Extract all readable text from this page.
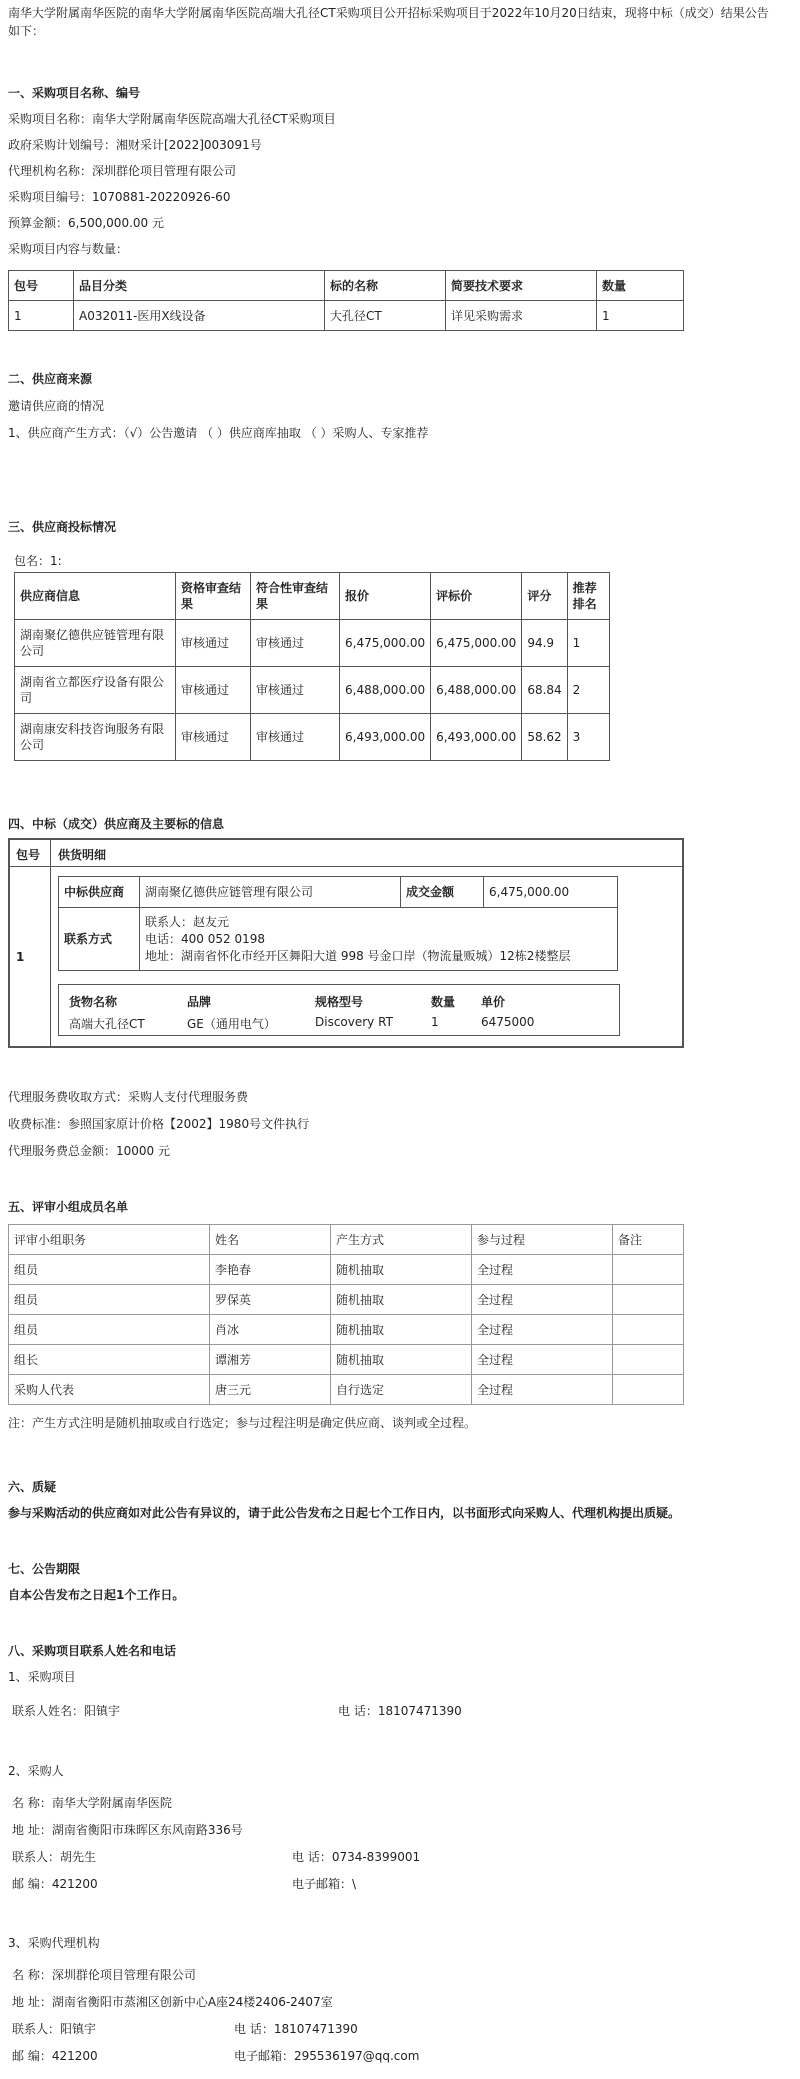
南华大学附属南华医院的南华大学附属南华医院高端大孔径CT采购项目公开招标采购项目于2022年10月20日结束，现将中标（成交）结果公告如下：
一、采购项目名称、编号
采购项目名称：南华大学附属南华医院高端大孔径CT采购项目
政府采购计划编号：湘财采计[2022]003091号
代理机构名称：深圳群伦项目管理有限公司
采购项目编号：1070881-20220926-60
预算金额：6,500,000.00 元
采购项目内容与数量：
包号	品目分类	标的名称	简要技术要求	数量
1	A032011-医用X线设备	大孔径CT	详见采购需求	1
二、供应商来源
邀请供应商的情况
1、供应商产生方式：（√）公告邀请 （ ）供应商库抽取 （ ）采购人、专家推荐
三、供应商投标情况
包名：1:
供应商信息	资格审查结果	符合性审查结果	报价	评标价	评分	推荐排名
湖南聚亿德供应链管理有限公司	审核通过	审核通过	6,475,000.00	6,475,000.00	94.9	1
湖南省立都医疗设备有限公司	审核通过	审核通过	6,488,000.00	6,488,000.00	68.84	2
湖南康安科技咨询服务有限公司	审核通过	审核通过	6,493,000.00	6,493,000.00	58.62	3
四、中标（成交）供应商及主要标的信息
包号 供货明细
1
中标供应商	湖南聚亿德供应链管理有限公司	成交金额	6,475,000.00
联系方式	联系人：赵友元
电话：400 052 0198
地址：湖南省怀化市经开区舞阳大道 998 号金口岸（物流量贩城）12栋2楼整层		
货物名称	品牌	规格型号	数量 单价
高端大孔径CT	GE（通用电气）	Discovery RT	1	6475000
代理服务费收取方式：采购人支付代理服务费
收费标准：参照国家原计价格【2002】1980号文件执行
代理服务费总金额：10000 元
五、评审小组成员名单
评审小组职务	姓名	产生方式	参与过程	备注
组员	李艳春	随机抽取	全过程	
组员	罗保英	随机抽取	全过程	
组员	肖冰	随机抽取	全过程	
组长	谭湘芳	随机抽取	全过程	
采购人代表	唐三元	自行选定	全过程	
注：产生方式注明是随机抽取或自行选定；参与过程注明是确定供应商、谈判或全过程。
六、质疑
参与采购活动的供应商如对此公告有异议的，请于此公告发布之日起七个工作日内，以书面形式向采购人、代理机构提出质疑。
七、公告期限
自本公告发布之日起1个工作日。
八、采购项目联系人姓名和电话
1、采购项目
联系人姓名：阳镇宇	电 话：18107471390
2、采购人
名 称：南华大学附属南华医院
地 址：湖南省衡阳市珠晖区东风南路336号
联系人：胡先生	电 话：0734-8399001
邮 编：421200	电子邮箱：\
3、采购代理机构
名 称：深圳群伦项目管理有限公司
地 址：湖南省衡阳市蒸湘区创新中心A座24楼2406-2407室
联系人：阳镇宇	电 话：18107471390
邮 编：421200	电子邮箱：295536197@qq.com
